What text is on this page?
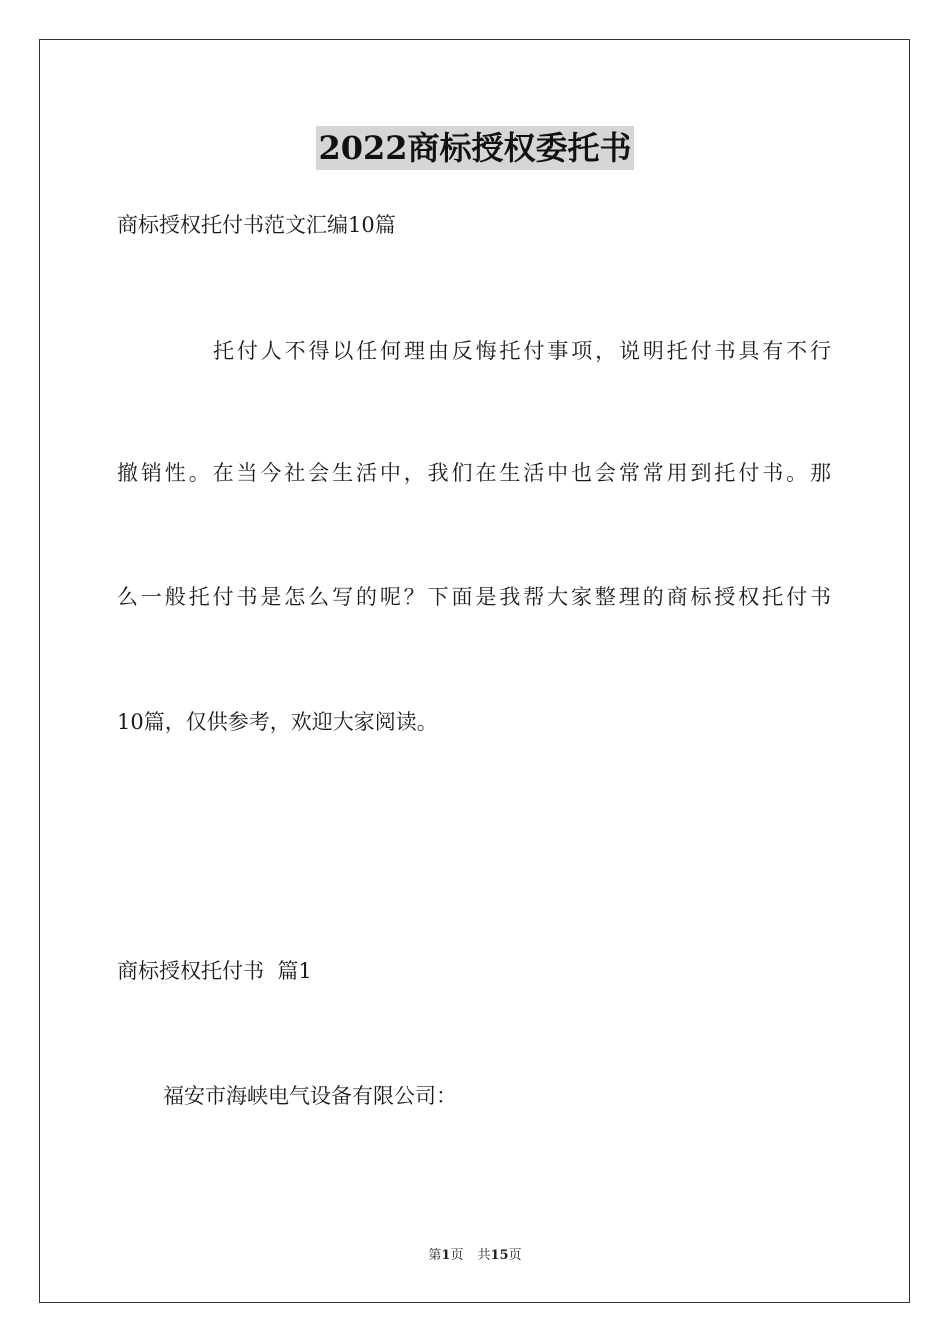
2022商标授权委托书
商标授权托付书范文汇编10篇
托付人不得以任何理由反悔托付事项，说明托付书具有不行
撤销性。在当今社会生活中，我们在生活中也会常常用到托付书。那
么一般托付书是怎么写的呢？下面是我帮大家整理的商标授权托付书
10篇，仅供参考，欢迎大家阅读。
商标授权托付书  篇1
福安市海峡电气设备有限公司：
第1页 共15页
